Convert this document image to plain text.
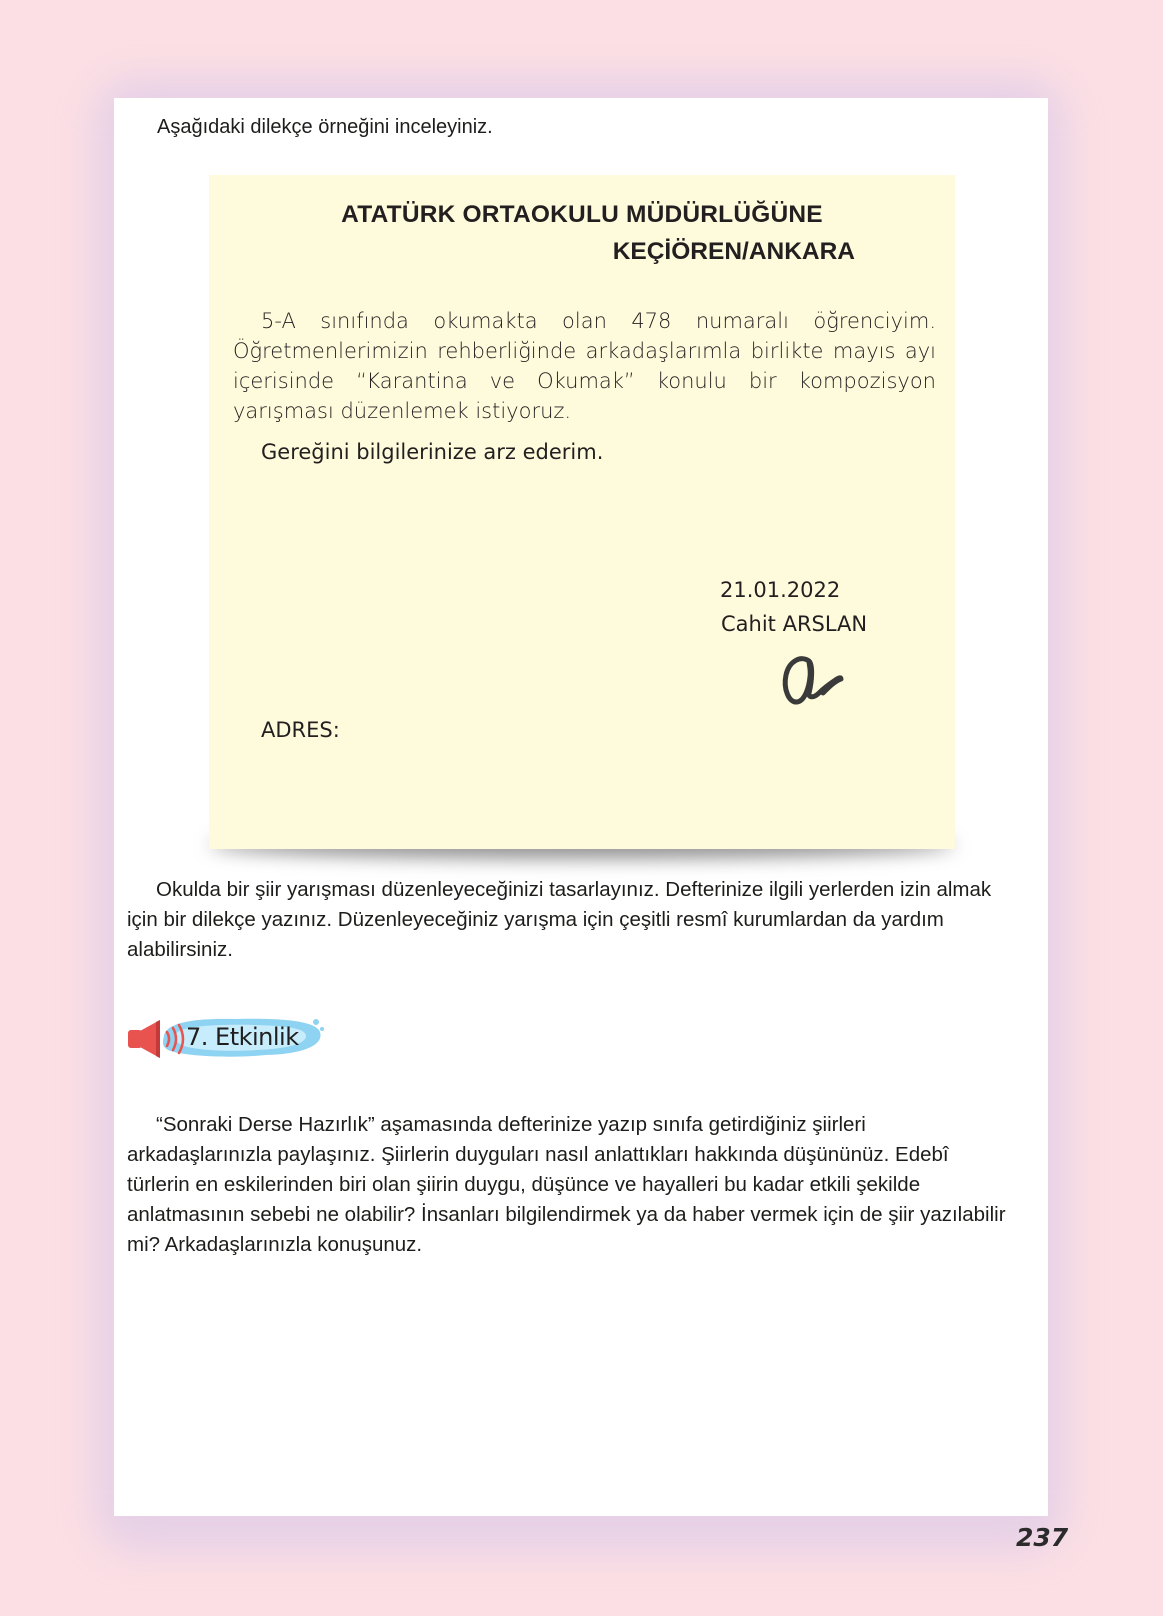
Aşağıdaki dilekçe örneğini inceleyiniz.

ATATÜRK ORTAOKULU MÜDÜRLÜĞÜNE

KEÇİÖREN/ANKARA

5-A sınıfında okumakta olan 478 numaralı öğrenciyim. Öğretmenlerimizin rehberliğinde arkadaşlarımla birlikte mayıs ayı içerisinde “Karantina ve Okumak” konulu bir kompozisyon yarışması düzenlemek istiyoruz.

Gereğini bilgilerinize arz ederim.

21.01.2022
Cahit ARSLAN
ADRES:

Okulda bir şiir yarışması düzenleyeceğinizi tasarlayınız. Defterinize ilgili yerlerden izin almak için bir dilekçe yazınız. Düzenleyeceğiniz yarışma için çeşitli resmî kurumlardan da yardım alabilirsiniz.

7. Etkinlik

“Sonraki Derse Hazırlık” aşamasında defterinize yazıp sınıfa getirdiğiniz şiirleri arkadaşlarınızla paylaşınız. Şiirlerin duyguları nasıl anlattıkları hakkında düşününüz. Edebî türlerin en eskilerinden biri olan şiirin duygu, düşünce ve hayalleri bu kadar etkili şekilde anlatmasının sebebi ne olabilir? İnsanları bilgilendirmek ya da haber vermek için de şiir yazılabilir mi? Arkadaşlarınızla konuşunuz.

237
